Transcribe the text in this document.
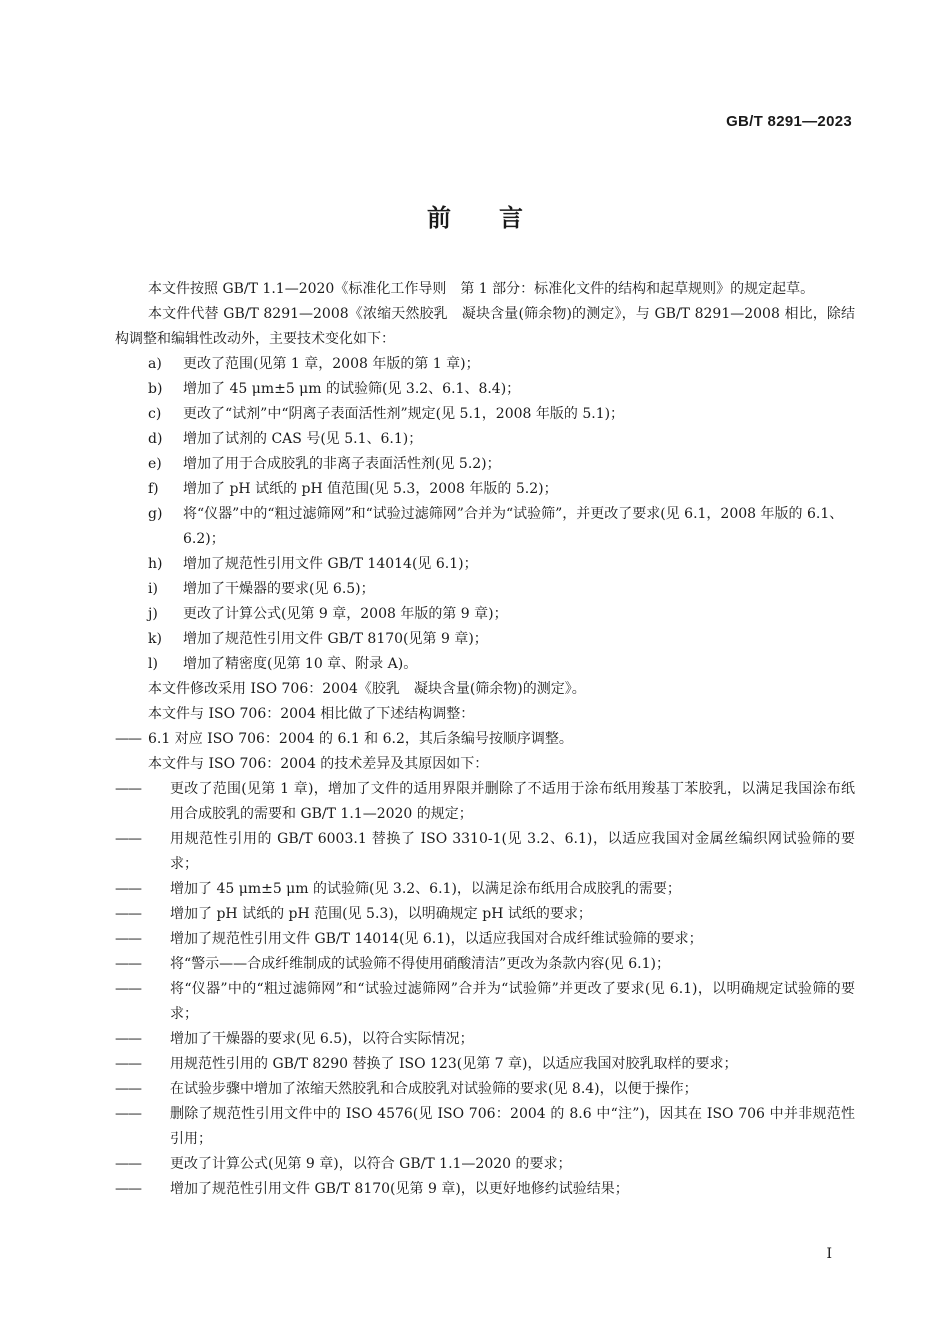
GB/T 8291—2023
前言

本文件按照 GB/T 1.1—2020《标准化工作导则　第 1 部分：标准化文件的结构和起草规则》的规定起草。

本文件代替 GB/T 8291—2008《浓缩天然胶乳　凝块含量(筛余物)的测定》，与 GB/T 8291—2008 相比，除结构调整和编辑性改动外，主要技术变化如下：

a)	更改了范围(见第 1 章，2008 年版的第 1 章)；
b)	增加了 45 μm±5 μm 的试验筛(见 3.2、6.1、8.4)；
c)	更改了“试剂”中“阴离子表面活性剂”规定(见 5.1，2008 年版的 5.1)；
d)	增加了试剂的 CAS 号(见 5.1、6.1)；
e)	增加了用于合成胶乳的非离子表面活性剂(见 5.2)；
f)	增加了 pH 试纸的 pH 值范围(见 5.3，2008 年版的 5.2)；
g)	将“仪器”中的“粗过滤筛网”和“试验过滤筛网”合并为“试验筛”，并更改了要求(见 6.1，2008 年版的 6.1、6.2)；
h)	增加了规范性引用文件 GB/T 14014(见 6.1)；
i)	增加了干燥器的要求(见 6.5)；
j)	更改了计算公式(见第 9 章，2008 年版的第 9 章)；
k)	增加了规范性引用文件 GB/T 8170(见第 9 章)；
l)	增加了精密度(见第 10 章、附录 A)。

本文件修改采用 ISO 706：2004《胶乳　凝块含量(筛余物)的测定》。

本文件与 ISO 706：2004 相比做了下述结构调整：

—— 6.1 对应 ISO 706：2004 的 6.1 和 6.2，其后条编号按顺序调整。

本文件与 ISO 706：2004 的技术差异及其原因如下：

——	更改了范围(见第 1 章)，增加了文件的适用界限并删除了不适用于涂布纸用羧基丁苯胶乳，以满足我国涂布纸用合成胶乳的需要和 GB/T 1.1—2020 的规定；
——	用规范性引用的 GB/T 6003.1 替换了 ISO 3310-1(见 3.2、6.1)，以适应我国对金属丝编织网试验筛的要求；
——	增加了 45 μm±5 μm 的试验筛(见 3.2、6.1)，以满足涂布纸用合成胶乳的需要；
——	增加了 pH 试纸的 pH 范围(见 5.3)，以明确规定 pH 试纸的要求；
——	增加了规范性引用文件 GB/T 14014(见 6.1)，以适应我国对合成纤维试验筛的要求；
——	将“警示——合成纤维制成的试验筛不得使用硝酸清洁”更改为条款内容(见 6.1)；
——	将“仪器”中的“粗过滤筛网”和“试验过滤筛网”合并为“试验筛”并更改了要求(见 6.1)，以明确规定试验筛的要求；
——	增加了干燥器的要求(见 6.5)，以符合实际情况；
——	用规范性引用的 GB/T 8290 替换了 ISO 123(见第 7 章)，以适应我国对胶乳取样的要求；
——	在试验步骤中增加了浓缩天然胶乳和合成胶乳对试验筛的要求(见 8.4)，以便于操作；
——	删除了规范性引用文件中的 ISO 4576(见 ISO 706：2004 的 8.6 中“注”)，因其在 ISO 706 中并非规范性引用；
——	更改了计算公式(见第 9 章)，以符合 GB/T 1.1—2020 的要求；
——	增加了规范性引用文件 GB/T 8170(见第 9 章)，以更好地修约试验结果；
I
